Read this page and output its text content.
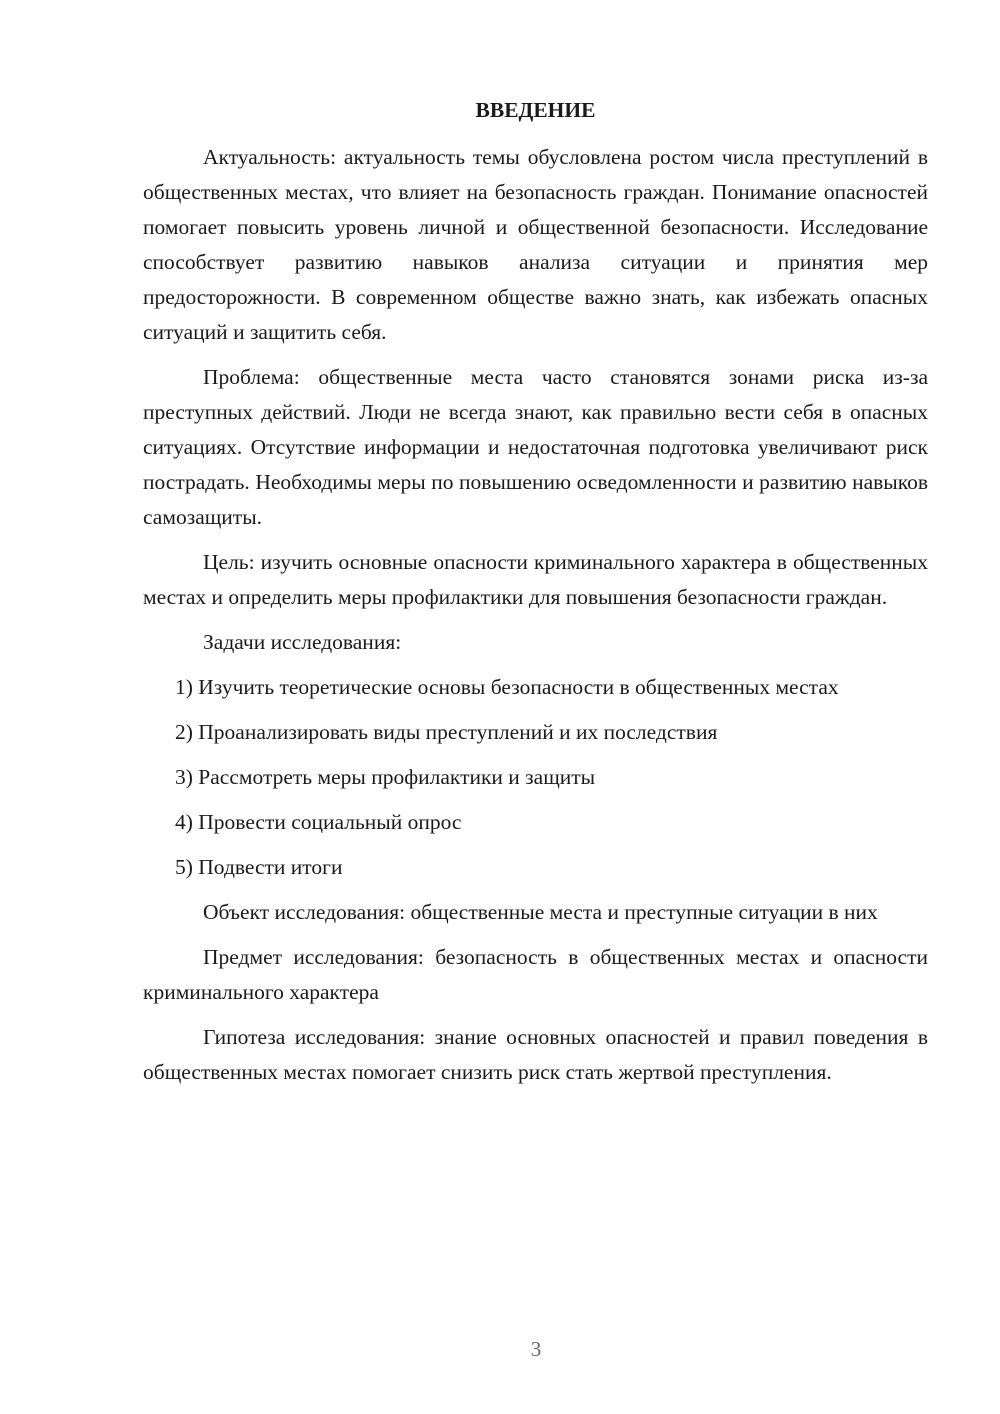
ВВЕДЕНИЕ

Актуальность: актуальность темы обусловлена ростом числа преступлений в общественных местах, что влияет на безопасность граждан. Понимание опасностей помогает повысить уровень личной и общественной безопасности. Исследование способствует развитию навыков анализа ситуации и принятия мер предосторожности. В современном обществе важно знать, как избежать опасных ситуаций и защитить себя.

Проблема: общественные места часто становятся зонами риска из-за преступных действий. Люди не всегда знают, как правильно вести себя в опасных ситуациях. Отсутствие информации и недостаточная подготовка увеличивают риск пострадать. Необходимы меры по повышению осведомленности и развитию навыков самозащиты.

Цель: изучить основные опасности криминального характера в общественных местах и определить меры профилактики для повышения безопасности граждан.

Задачи исследования:

1) Изучить теоретические основы безопасности в общественных местах

2) Проанализировать виды преступлений и их последствия

3) Рассмотреть меры профилактики и защиты

4) Провести социальный опрос

5) Подвести итоги

Объект исследования: общественные места и преступные ситуации в них

Предмет исследования: безопасность в общественных местах и опасности криминального характера

Гипотеза исследования: знание основных опасностей и правил поведения в общественных местах помогает снизить риск стать жертвой преступления.

3
